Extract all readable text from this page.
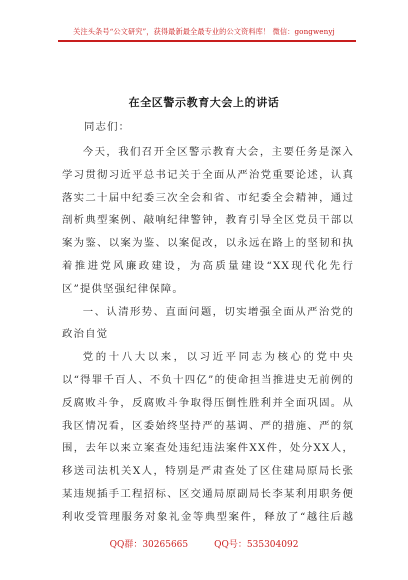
关注头条号“公文研究”，获得最新最全最专业的公文资料库！ 微信：gongwenyj
在全区警示教育大会上的讲话
同志们：

今天，我们召开全区警示教育大会，主要任务是深入学习贯彻习近平总书记关于全面从严治党重要论述，认真落实二十届中纪委三次全会和省、市纪委全会精神，通过剖析典型案例、敲响纪律警钟，教育引导全区党员干部以案为鉴、以案为鉴、以案促改，以永远在路上的坚韧和执着推进党风廉政建设，为高质量建设“XX现代化先行区”提供坚强纪律保障。

一、认清形势、直面问题，切实增强全面从严治党的政治自觉

党的十八大以来，以习近平同志为核心的党中央以“得罪千百人、不负十四亿”的使命担当推进史无前例的反腐败斗争，反腐败斗争取得压倒性胜利并全面巩固。从我区情况看，区委始终坚持严的基调、严的措施、严的氛围，去年以来立案查处违纪违法案件XX件，处分XX人，移送司法机关X人，特别是严肃查处了区住建局原局长张某违规插手工程招标、区交通局原副局长李某利用职务便利收受管理服务对象礼金等典型案件，释放了“越往后越

QQ群：30265665	QQ号：535304092
